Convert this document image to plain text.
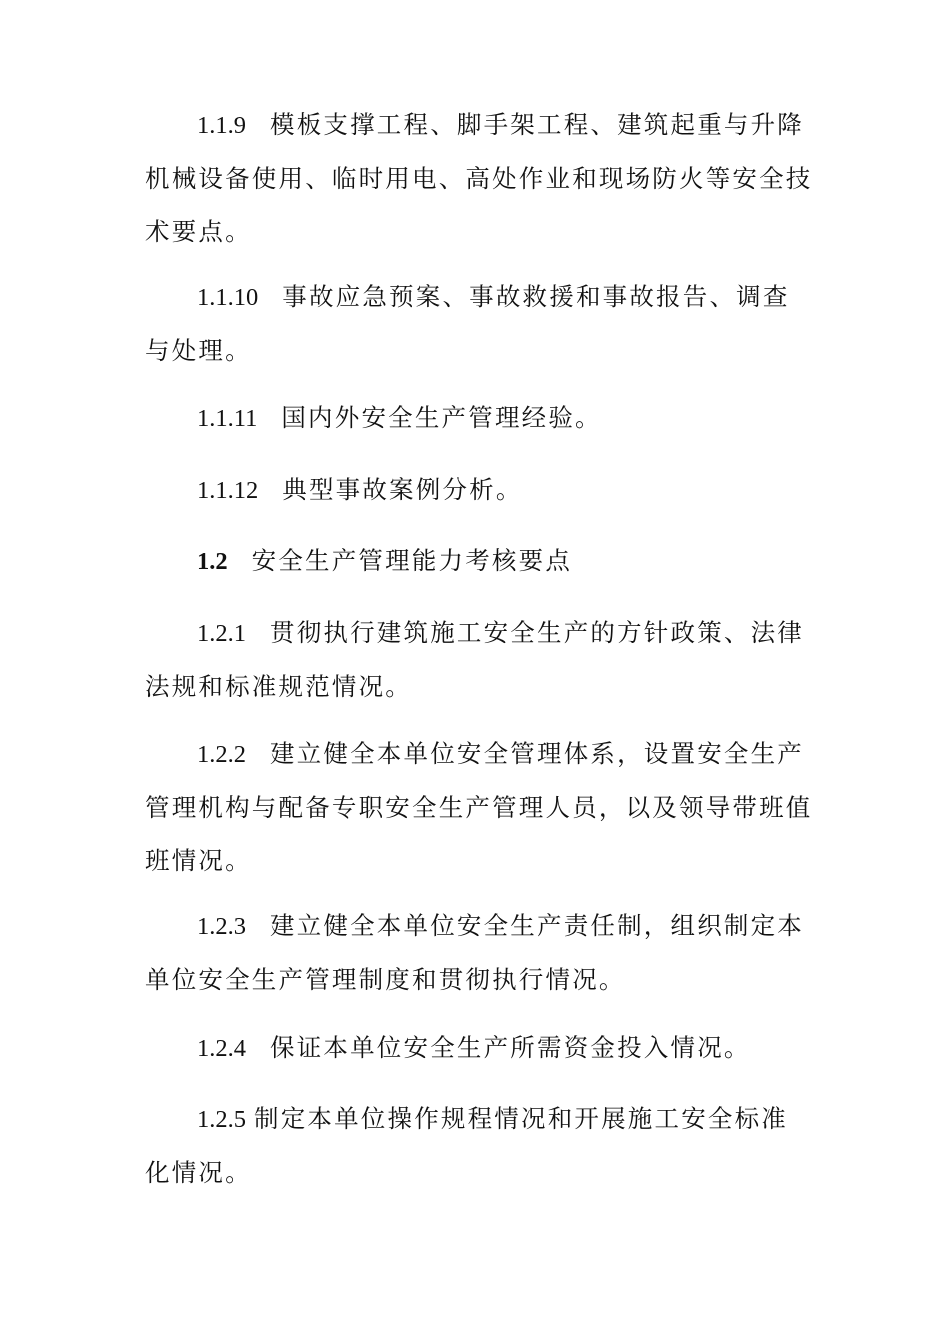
1.1.9 模板支撑工程、脚手架工程、建筑起重与升降机械设备使用、临时用电、高处作业和现场防火等安全技术要点。

1.1.10 事故应急预案、事故救援和事故报告、调查与处理。

1.1.11 国内外安全生产管理经验。

1.1.12 典型事故案例分析。

1.2 安全生产管理能力考核要点

1.2.1 贯彻执行建筑施工安全生产的方针政策、法律法规和标准规范情况。

1.2.2 建立健全本单位安全管理体系，设置安全生产管理机构与配备专职安全生产管理人员，以及领导带班值班情况。

1.2.3 建立健全本单位安全生产责任制，组织制定本单位安全生产管理制度和贯彻执行情况。

1.2.4 保证本单位安全生产所需资金投入情况。

1.2.5 制定本单位操作规程情况和开展施工安全标准化情况。
